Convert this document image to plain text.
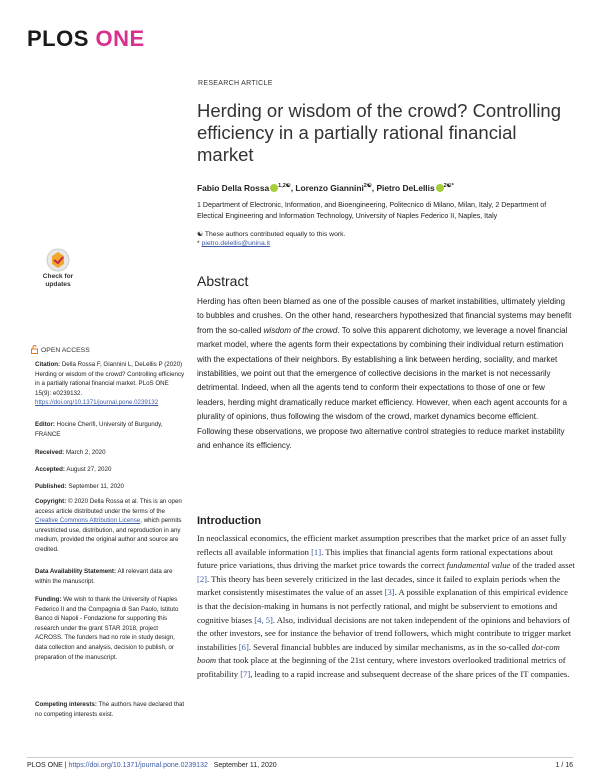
PLOS ONE
Check for updates
OPEN ACCESS
Citation: Della Rossa F, Giannini L, DeLellis P (2020) Herding or wisdom of the crowd? Controlling efficiency in a partially rational financial market. PLoS ONE 15(9): e0239132. https://doi.org/10.1371/journal.pone.0239132
Editor: Hocine Cherifi, University of Burgundy, FRANCE
Received: March 2, 2020
Accepted: August 27, 2020
Published: September 11, 2020
Copyright: © 2020 Della Rossa et al. This is an open access article distributed under the terms of the Creative Commons Attribution License, which permits unrestricted use, distribution, and reproduction in any medium, provided the original author and source are credited.
Data Availability Statement: All relevant data are within the manuscript.
Funding: We wish to thank the University of Naples Federico II and the Compagnia di San Paolo, Istituto Banco di Napoli - Fondazione for supporting this research under the grant STAR 2018, project ACROSS. The funders had no role in study design, data collection and analysis, decision to publish, or preparation of the manuscript.
Competing interests: The authors have declared that no competing interests exist.
RESEARCH ARTICLE
Herding or wisdom of the crowd? Controlling efficiency in a partially rational financial market
Fabio Della Rossa $^{1,2☯}$, Lorenzo Giannini$^{2☯}$, Pietro DeLellis $^{2☯*}$
1 Department of Electronic, Information, and Bioengineering, Politecnico di Milano, Milan, Italy, 2 Department of Electical Engineering and Information Technology, University of Naples Federico II, Naples, Italy
☯ These authors contributed equally to this work.
* pietro.delellis@unina.it
Abstract
Herding has often been blamed as one of the possible causes of market instabilities, ultimately yielding to bubbles and crushes. On the other hand, researchers hypothesized that financial systems may benefit from the so-called wisdom of the crowd. To solve this apparent dichotomy, we leverage a novel financial market model, where the agents form their expectations by combining their individual return estimation with the expectations of their neighbors. By establishing a link between herding, sociality, and market instabilities, we point out that the emergence of collective decisions in the market is not necessarily detrimental. Indeed, when all the agents tend to conform their expectations to those of one or few leaders, herding might dramatically reduce market efficiency. However, when each agent accounts for a plurality of opinions, thus following the wisdom of the crowd, market dynamics become efficient. Following these observations, we propose two alternative control strategies to reduce market instability and enhance its efficiency.
Introduction
In neoclassical economics, the efficient market assumption prescribes that the market price of an asset fully reflects all available information [1]. This implies that financial agents form rational expectations about future price variations, thus driving the market price towards the correct fundamental value of the traded asset [2]. This theory has been severely criticized in the last decades, since it failed to explain periods when the market consistently misestimates the value of an asset [3]. A possible explanation of this empirical evidence is that the decision-making in humans is not perfectly rational, and might be subservient to emotions and cognitive biases [4, 5]. Also, individual decisions are not taken independent of the opinions and behaviors of the other investors, see for instance the behavior of trend followers, which might contribute to trigger market instabilities [6]. Several financial bubbles are induced by similar mechanisms, as in the so-called dot-com boom that took place at the beginning of the 21st century, where investors overlooked traditional metrics of profitability [7], leading to a rapid increase and subsequent decrease of the share prices of the IT companies.
PLOS ONE | https://doi.org/10.1371/journal.pone.0239132 September 11, 2020	1 / 16
